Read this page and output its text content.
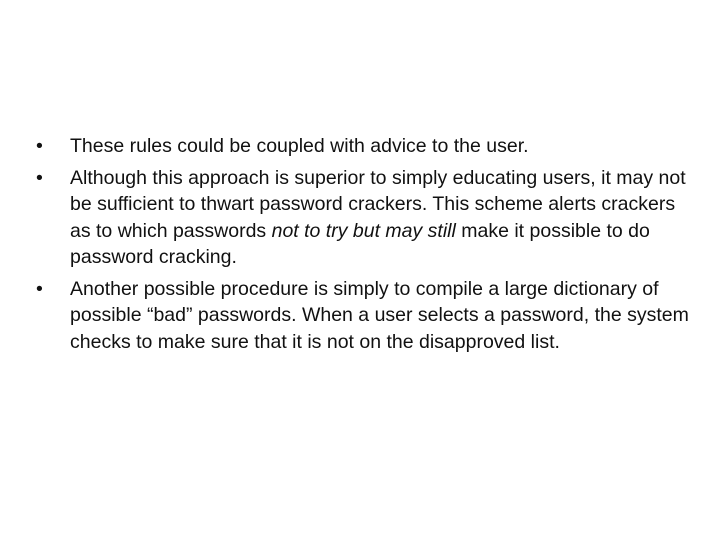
•	These rules could be coupled with advice to the user.
•	Although this approach is superior to simply educating users, it may not be sufficient to thwart password crackers. This scheme alerts crackers as to which passwords not to try but may still make it possible to do password cracking.
•	Another possible procedure is simply to compile a large dictionary of possible “bad” passwords. When a user selects a password, the system checks to make sure that it is not on the disapproved list.
